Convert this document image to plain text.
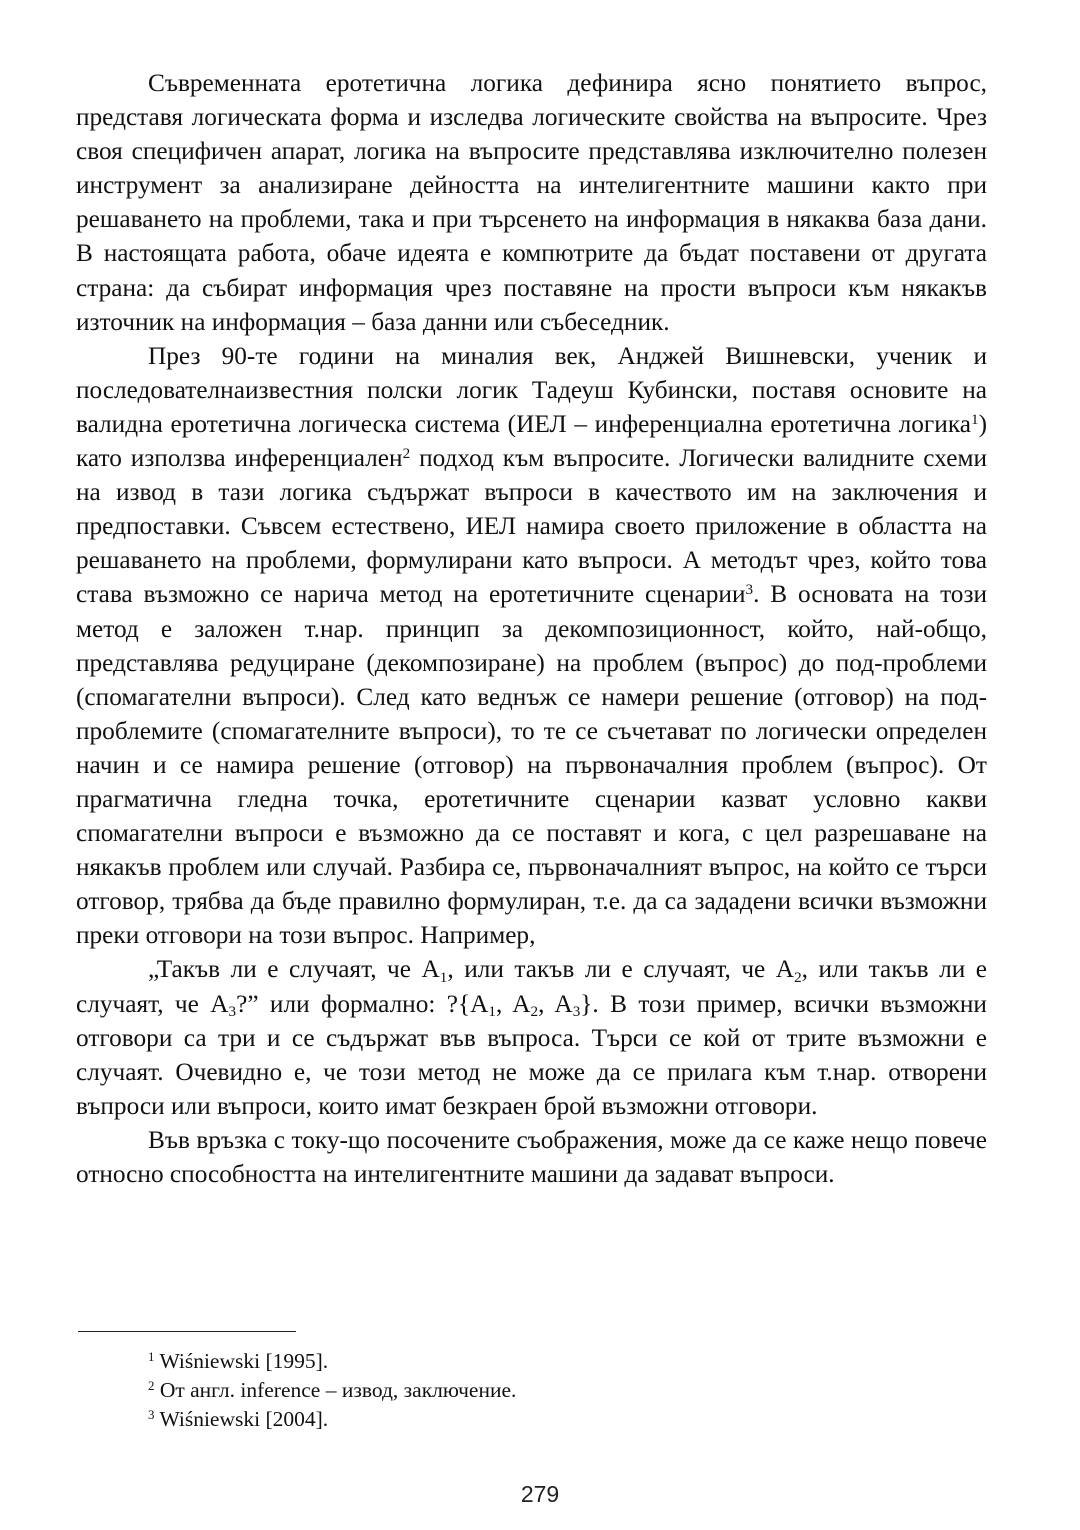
Съвременната еротетична логика дефинира ясно понятието въпрос, представя логическата форма и изследва логическите свойства на въпросите. Чрез своя специфичен апарат, логика на въпросите представлява изключително полезен инструмент за анализиране дейността на интелигентните машини както при решаването на проблеми, така и при търсенето на информация в някаква база дани. В настоящата работа, обаче идеята е компютрите да бъдат поставени от другата страна: да събират информация чрез поставяне на прости въпроси към някакъв източник на информация – база данни или събеседник.

През 90-те години на миналия век, Анджей Вишневски, ученик и последователнаизвестния полски логик Тадеуш Кубински, поставя основите на валидна еротетична логическа система (ИЕЛ – инференциална еротетична логика$^1$) като използва инференциален$^2$ подход към въпросите. Логически валидните схеми на извод в тази логика съдържат въпроси в качеството им на заключения и предпоставки. Съвсем естествено, ИЕЛ намира своето приложение в областта на решаването на проблеми, формулирани като въпроси. А методът чрез, който това става възможно се нарича метод на еротетичните сценарии$^3$. В основата на този метод е заложен т.нар. принцип за декомпозиционност, който, най-общо, представлява редуциране (декомпозиране) на проблем (въпрос) до под-проблеми (спомагателни въпроси). След като веднъж се намери решение (отговор) на под-проблемите (спомагателните въпроси), то те се съчетават по логически определен начин и се намира решение (отговор) на първоначалния проблем (въпрос). От прагматична гледна точка, еротетичните сценарии казват условно какви спомагателни въпроси е възможно да се поставят и кога, с цел разрешаване на някакъв проблем или случай. Разбира се, първоначалният въпрос, на който се търси отговор, трябва да бъде правилно формулиран, т.е. да са зададени всички възможни преки отговори на този въпрос. Например,

„Такъв ли е случаят, че $A_1$, или такъв ли е случаят, че $A_2$, или такъв ли е случаят, че $A_3$?” или формално: $?\{A_1$, $A_2$, $A_3$}. В този пример, всички възможни отговори са три и се съдържат във въпроса. Търси се кой от трите възможни е случаят. Очевидно е, че този метод не може да се прилага към т.нар. отворени въпроси или въпроси, които имат безкраен брой възможни отговори.

Във връзка с току-що посочените съображения, може да се каже нещо повече относно способността на интелигентните машини да задават въпроси.

$^1$ Wiśniewski [1995].
$^2$ От англ. inference – извод, заключение.
$^3$ Wiśniewski [2004].
279
